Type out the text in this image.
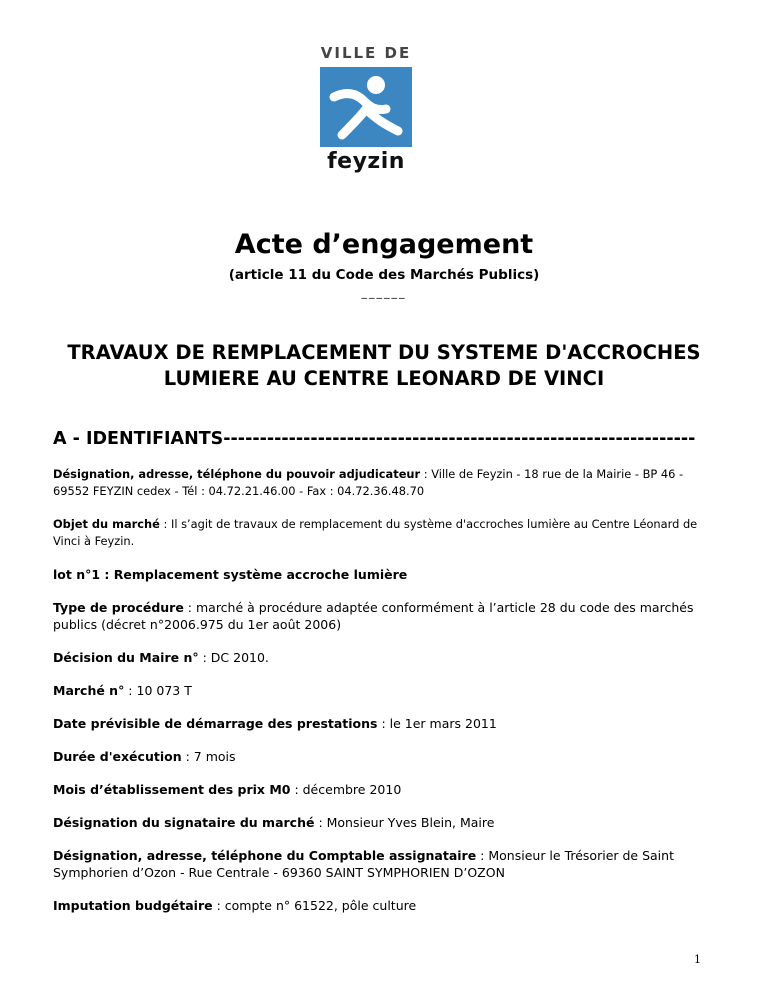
VILLE DE
feyzin
Acte d’engagement
(article 11 du Code des Marchés Publics)
______
TRAVAUX DE REMPLACEMENT DU SYSTEME D'ACCROCHES
LUMIERE AU CENTRE LEONARD DE VINCI
A - IDENTIFIANTS-----------------------------------------------------------------
Désignation, adresse, téléphone du pouvoir adjudicateur : Ville de Feyzin - 18 rue de la Mairie - BP 46 - 69552 FEYZIN cedex - Tél : 04.72.21.46.00 - Fax : 04.72.36.48.70
Objet du marché : Il s’agit de travaux de remplacement du système d'accroches lumière au Centre Léonard de Vinci à Feyzin.
lot n°1 : Remplacement système accroche lumière
Type de procédure : marché à procédure adaptée conformément à l’article 28 du code des marchés publics (décret n°2006.975 du 1er août 2006)
Décision du Maire n° : DC 2010.
Marché n° : 10 073 T
Date prévisible de démarrage des prestations : le 1er mars 2011
Durée d'exécution : 7 mois
Mois d’établissement des prix M0 : décembre 2010
Désignation du signataire du marché : Monsieur Yves Blein, Maire
Désignation, adresse, téléphone du Comptable assignataire : Monsieur le Trésorier de Saint Symphorien d’Ozon - Rue Centrale - 69360 SAINT SYMPHORIEN D’OZON
Imputation budgétaire : compte n° 61522, pôle culture
1
